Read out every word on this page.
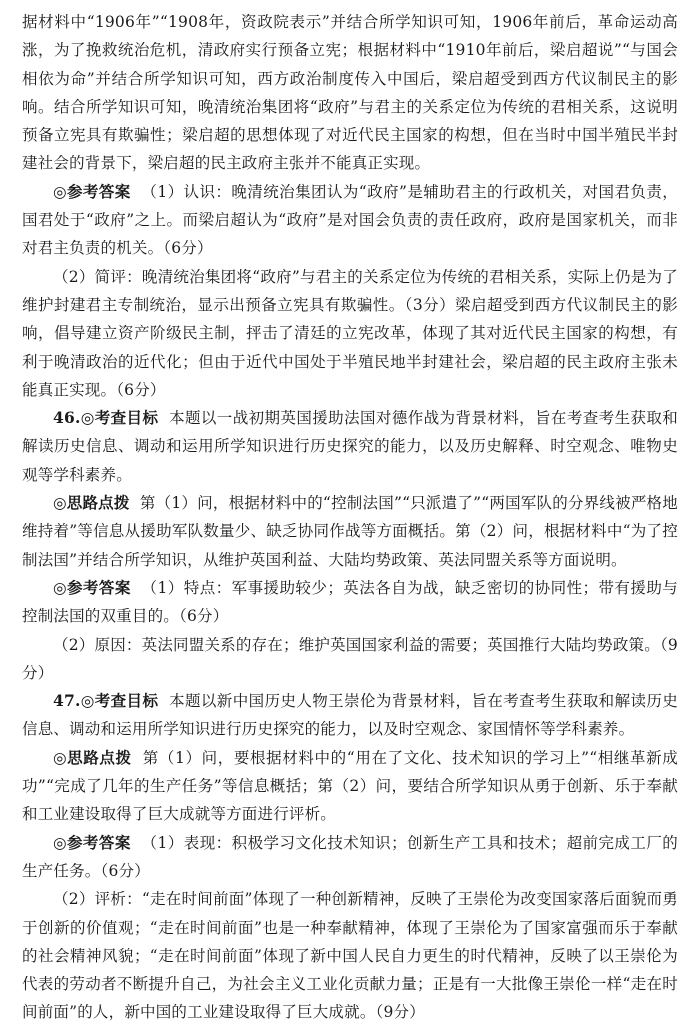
据材料中“1906年”“1908年，资政院表示”并结合所学知识可知，1906年前后，革命运动高涨，为了挽救统治危机，清政府实行预备立宪；根据材料中“1910年前后，梁启超说”“与国会相依为命”并结合所学知识可知，西方政治制度传入中国后，梁启超受到西方代议制民主的影响。结合所学知识可知，晚清统治集团将“政府”与君主的关系定位为传统的君相关系，这说明预备立宪具有欺骗性；梁启超的思想体现了对近代民主国家的构想，但在当时中国半殖民半封建社会的背景下，梁启超的民主政府主张并不能真正实现。

◎参考答案 （1）认识：晚清统治集团认为“政府”是辅助君主的行政机关，对国君负责，国君处于“政府”之上。而梁启超认为“政府”是对国会负责的责任政府，政府是国家机关，而非对君主负责的机关。（6分）

（2）简评：晚清统治集团将“政府”与君主的关系定位为传统的君相关系，实际上仍是为了维护封建君主专制统治，显示出预备立宪具有欺骗性。（3分）梁启超受到西方代议制民主的影响，倡导建立资产阶级民主制，抨击了清廷的立宪改革，体现了其对近代民主国家的构想，有利于晚清政治的近代化；但由于近代中国处于半殖民地半封建社会，梁启超的民主政府主张未能真正实现。（6分）

46.◎考查目标 本题以一战初期英国援助法国对德作战为背景材料，旨在考查考生获取和解读历史信息、调动和运用所学知识进行历史探究的能力，以及历史解释、时空观念、唯物史观等学科素养。

◎思路点拨 第（1）问，根据材料中的“控制法国”“只派遣了”“两国军队的分界线被严格地维持着”等信息从援助军队数量少、缺乏协同作战等方面概括。第（2）问，根据材料中“为了控制法国”并结合所学知识，从维护英国利益、大陆均势政策、英法同盟关系等方面说明。

◎参考答案 （1）特点：军事援助较少；英法各自为战，缺乏密切的协同性；带有援助与控制法国的双重目的。（6分）

（2）原因：英法同盟关系的存在；维护英国国家利益的需要；英国推行大陆均势政策。（9分）

47.◎考查目标 本题以新中国历史人物王崇伦为背景材料，旨在考查考生获取和解读历史信息、调动和运用所学知识进行历史探究的能力，以及时空观念、家国情怀等学科素养。

◎思路点拨 第（1）问，要根据材料中的“用在了文化、技术知识的学习上”“相继革新成功”“完成了几年的生产任务”等信息概括；第（2）问，要结合所学知识从勇于创新、乐于奉献和工业建设取得了巨大成就等方面进行评析。

◎参考答案 （1）表现：积极学习文化技术知识；创新生产工具和技术；超前完成工厂的生产任务。（6分）

（2）评析：“走在时间前面”体现了一种创新精神，反映了王崇伦为改变国家落后面貌而勇于创新的价值观；“走在时间前面”也是一种奉献精神，体现了王崇伦为了国家富强而乐于奉献的社会精神风貌；“走在时间前面”体现了新中国人民自力更生的时代精神，反映了以王崇伦为代表的劳动者不断提升自己，为社会主义工业化贡献力量；正是有一大批像王崇伦一样“走在时间前面”的人，新中国的工业建设取得了巨大成就。（9分）
